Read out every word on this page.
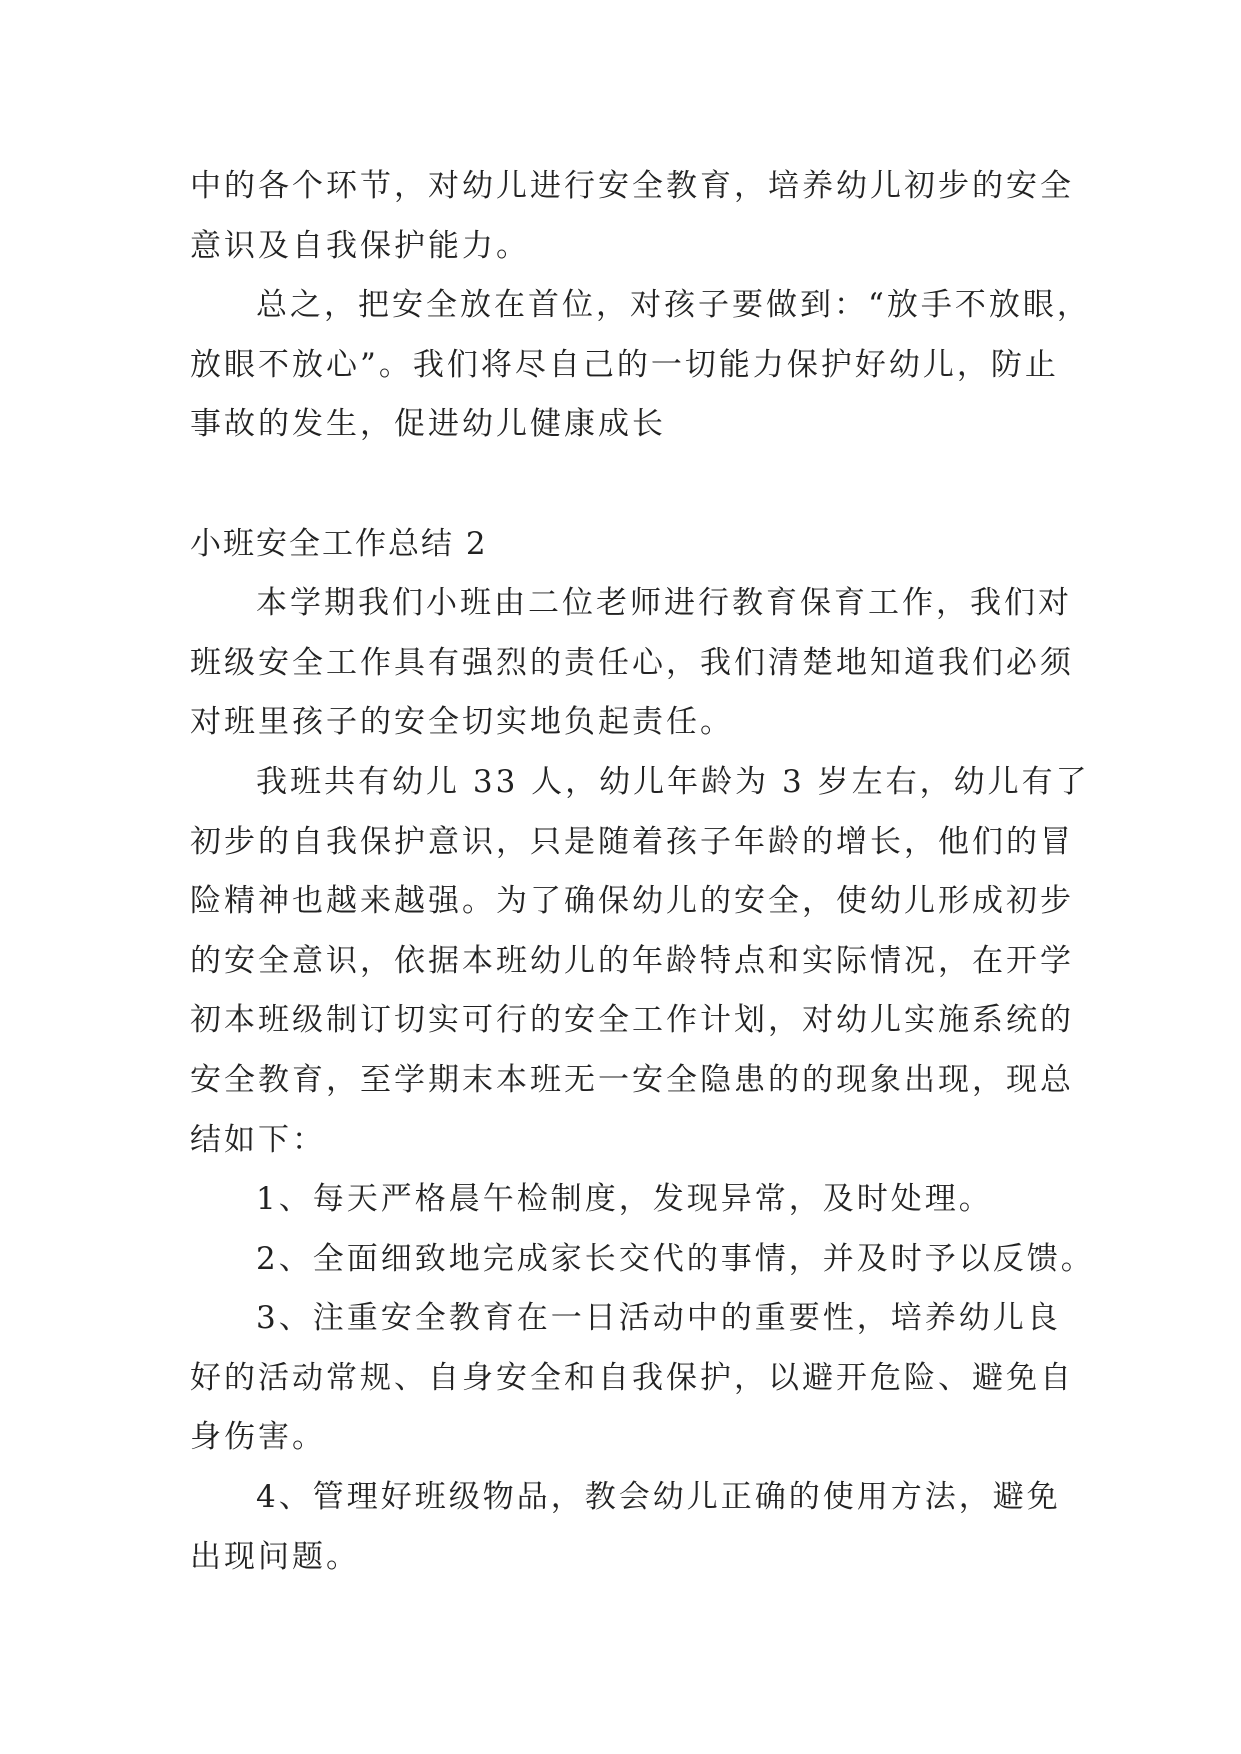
中的各个环节，对幼儿进行安全教育，培养幼儿初步的安全
意识及自我保护能力。
总之，把安全放在首位，对孩子要做到：“放手不放眼，
放眼不放心”。我们将尽自己的一切能力保护好幼儿，防止
事故的发生，促进幼儿健康成长
小班安全工作总结 2
本学期我们小班由二位老师进行教育保育工作，我们对
班级安全工作具有强烈的责任心，我们清楚地知道我们必须
对班里孩子的安全切实地负起责任。
我班共有幼儿 33 人，幼儿年龄为 3 岁左右，幼儿有了
初步的自我保护意识，只是随着孩子年龄的增长，他们的冒
险精神也越来越强。为了确保幼儿的安全，使幼儿形成初步
的安全意识，依据本班幼儿的年龄特点和实际情况，在开学
初本班级制订切实可行的安全工作计划，对幼儿实施系统的
安全教育，至学期末本班无一安全隐患的的现象出现，现总
结如下：
1、每天严格晨午检制度，发现异常，及时处理。
2、全面细致地完成家长交代的事情，并及时予以反馈。
3、注重安全教育在一日活动中的重要性，培养幼儿良
好的活动常规、自身安全和自我保护，以避开危险、避免自
身伤害。
4、管理好班级物品，教会幼儿正确的使用方法，避免
出现问题。
